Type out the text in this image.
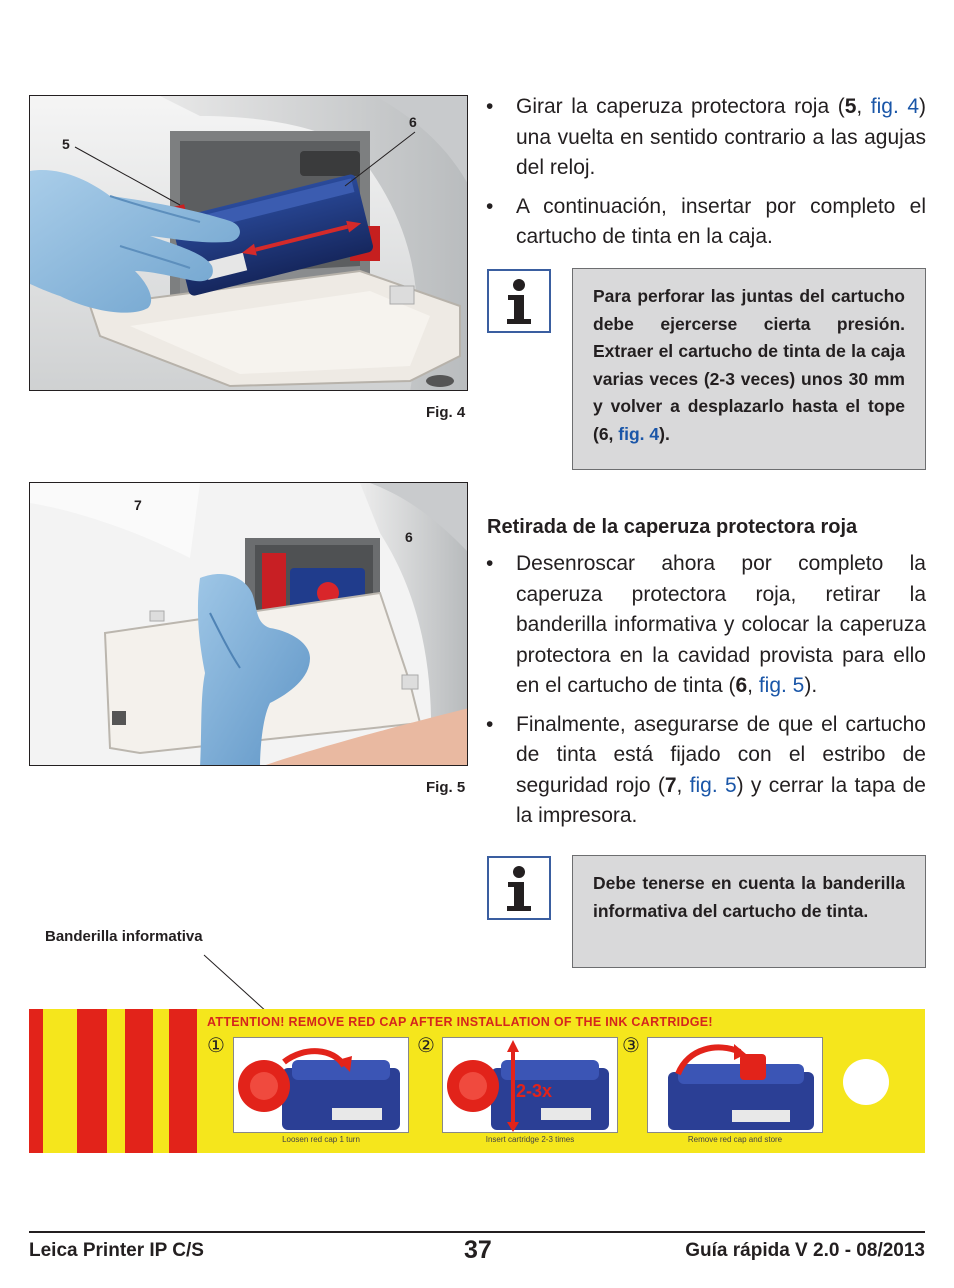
5
6
Fig. 4
7
6
Fig. 5
• Girar la caperuza protectora roja (5, fig. 4) una vuelta en sentido contrario a las agujas del reloj.
• A continuación, insertar por completo el cartucho de tinta en la caja.
Para perforar las juntas del cartucho debe ejercerse cierta presión. Extraer el cartucho de tinta de la caja varias veces (2-3 veces) unos 30 mm y volver a desplazarlo hasta el tope (6, fig. 4).
Retirada de la caperuza protectora roja
• Desenroscar ahora por completo la caperuza protectora roja, retirar la banderilla informativa y colocar la caperuza protectora en la cavidad provista para ello en el cartucho de tinta (6, fig. 5).
• Finalmente, asegurarse de que el cartucho de tinta está fijado con el estribo de seguridad rojo (7, fig. 5) y cerrar la tapa de la impresora.
Debe tenerse en cuenta la banderilla informativa del cartucho de tinta.
Banderilla informativa
ATTENTION! REMOVE RED CAP AFTER INSTALLATION OF THE INK CARTRIDGE!
①
Loosen red cap 1 turn
②
2-3x
Insert cartridge 2-3 times
③
Remove red cap and store
Leica Printer IP C/S	37	Guía rápida V 2.0 - 08/2013
